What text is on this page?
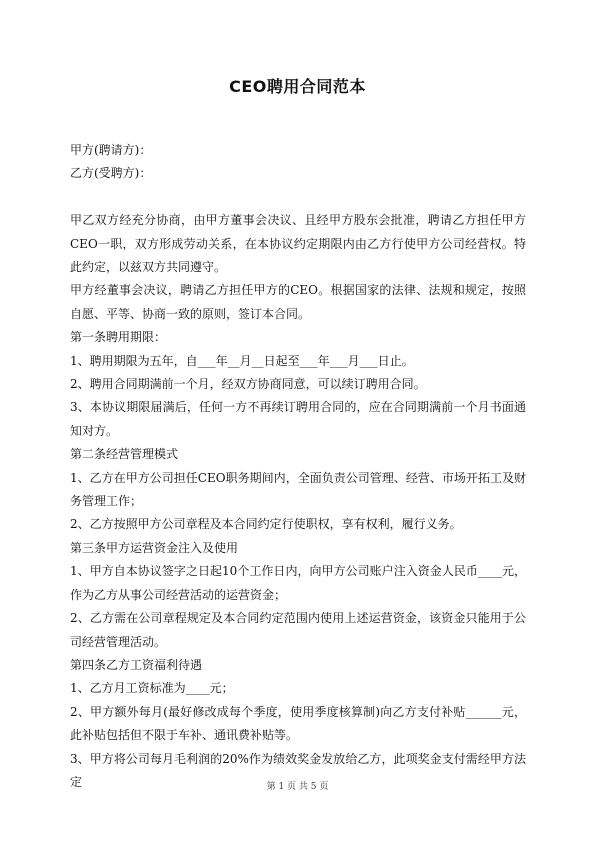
CEO聘用合同范本

甲方(聘请方)：

乙方(受聘方)：

甲乙双方经充分协商，由甲方董事会决议、且经甲方股东会批准，聘请乙方担任甲方CEO一职，双方形成劳动关系，在本协议约定期限内由乙方行使甲方公司经营权。特此约定，以兹双方共同遵守。

甲方经董事会决议，聘请乙方担任甲方的CEO。根据国家的法律、法规和规定，按照自愿、平等、协商一致的原则，签订本合同。

第一条聘用期限：

1、聘用期限为五年，自___年__月__日起至___年___月___日止。

2、聘用合同期满前一个月，经双方协商同意，可以续订聘用合同。

3、本协议期限届满后，任何一方不再续订聘用合同的，应在合同期满前一个月书面通知对方。

第二条经营管理模式

1、乙方在甲方公司担任CEO职务期间内，全面负责公司管理、经营、市场开拓工及财务管理工作；

2、乙方按照甲方公司章程及本合同约定行使职权，享有权利，履行义务。

第三条甲方运营资金注入及使用

1、甲方自本协议签字之日起10个工作日内，向甲方公司账户注入资金人民币____元，作为乙方从事公司经营活动的运营资金；

2、乙方需在公司章程规定及本合同约定范围内使用上述运营资金，该资金只能用于公司经营管理活动。

第四条乙方工资福利待遇

1、乙方月工资标准为____元；

2、甲方额外每月(最好修改成每个季度，使用季度核算制)向乙方支付补贴______元，此补贴包括但不限于车补、通讯费补贴等。

3、甲方将公司每月毛利润的20%作为绩效奖金发放给乙方，此项奖金支付需经甲方法定	第 1 页 共 5 页
